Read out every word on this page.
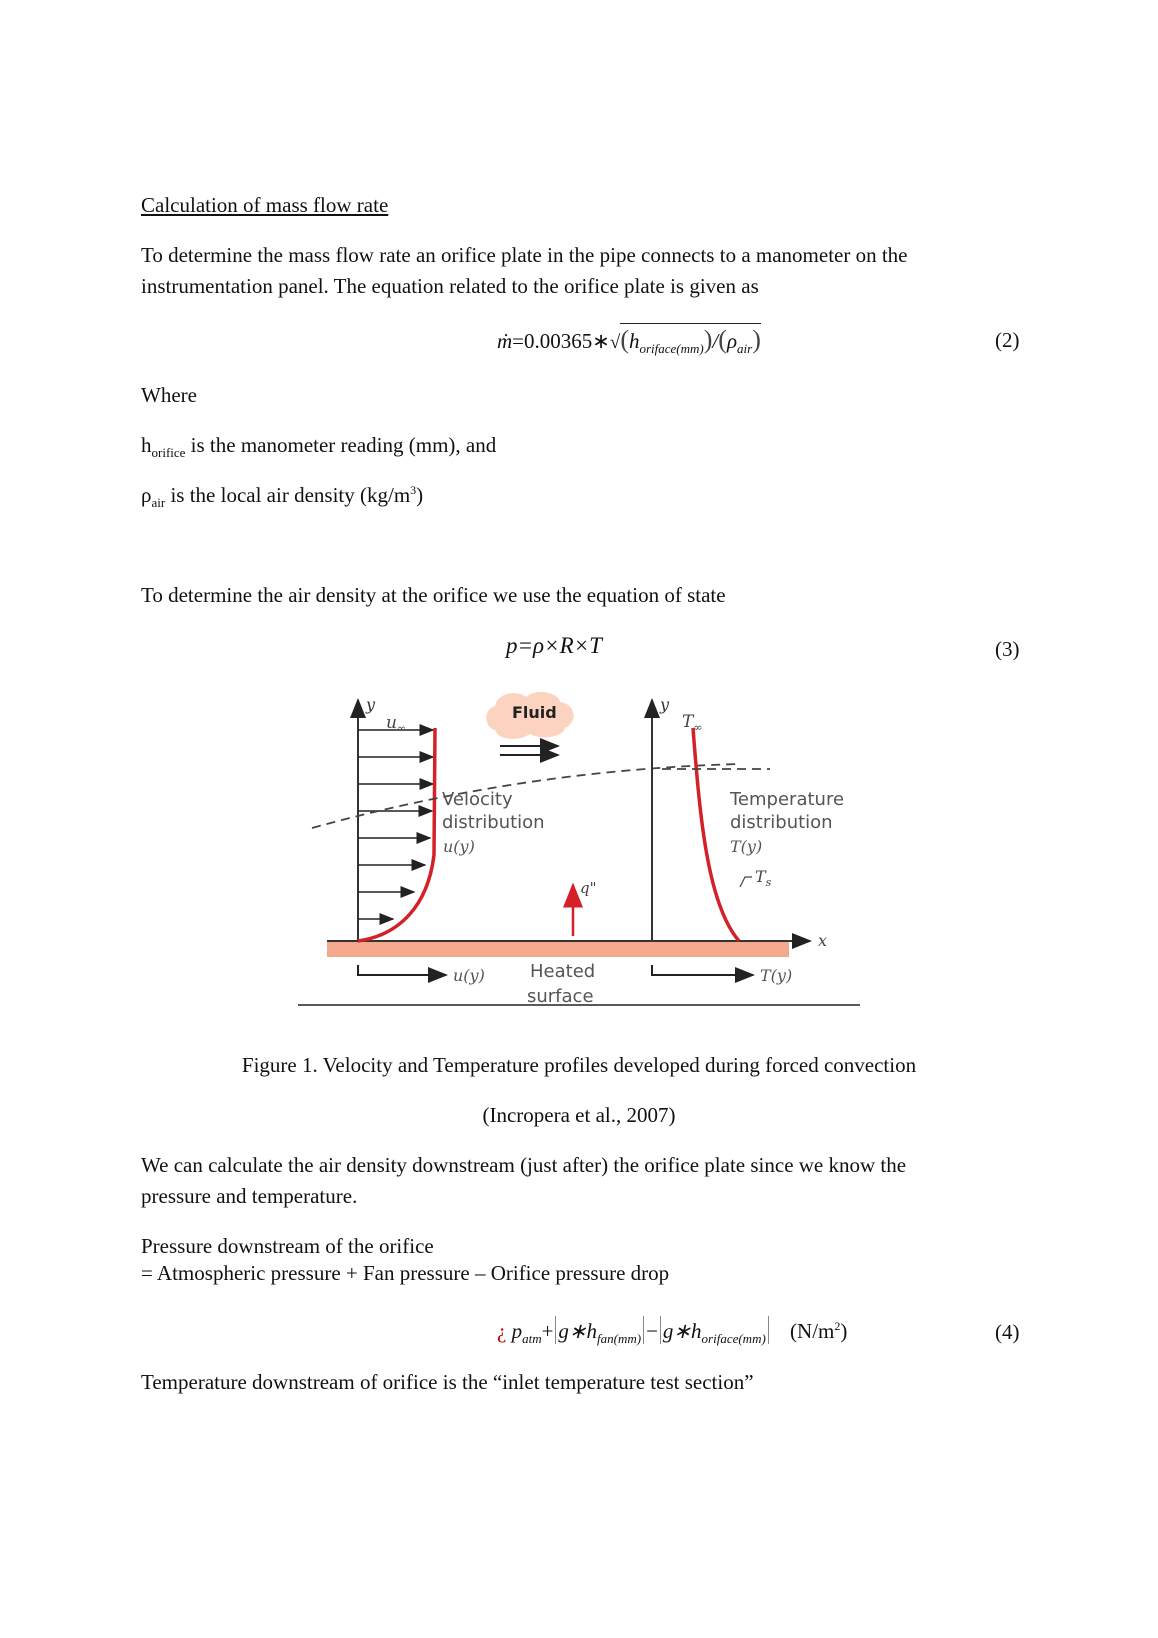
Calculation of mass flow rate
To determine the mass flow rate an orifice plate in the pipe connects to a manometer on the
instrumentation panel. The equation related to the orifice plate is given as
$ṁ=0.00365∗√(h_{oriface(mm)})/(\rho_{air})$	(2)
Where
$h_{orifice}$ is the manometer reading (mm), and
$\rho_{air}$ is the local air density $(kg/m^3)$
To determine the air density at the orifice we use the equation of state
p=ρ×R×T	(3)
Fluid
y
$u_\infty$
y
$T_\infty$
Velocity
distribution
u(y)
Temperature
distribution
T(y)
q"
$T_s$
x
u(y)	Heated
surface
T(y)
Figure 1. Velocity and Temperature profiles developed during forced convection
(Incropera et al., 2007)
We can calculate the air density downstream (just after) the orifice plate since we know the
pressure and temperature.
Pressure downstream of the orifice
= Atmospheric pressure + Fan pressure – Orifice pressure drop
¿ $p_{atm}+$ $g∗h_{fan(mm)}$ − $g∗h_{oriface(mm)}$ $(N/m^2)$	(4)
Temperature downstream of orifice is the “inlet temperature test section”
